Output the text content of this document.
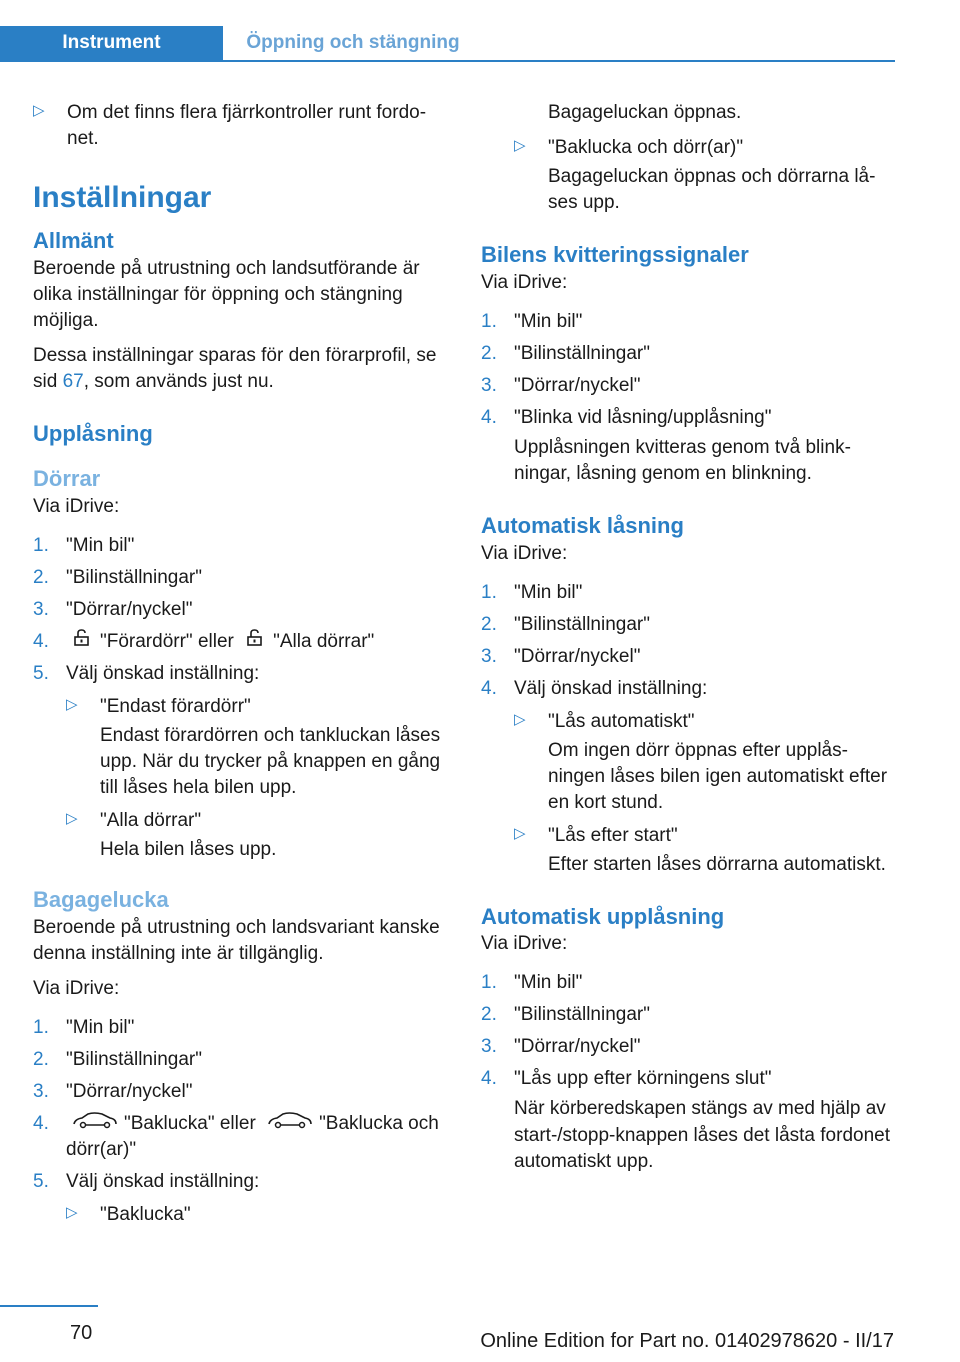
Instrument	Öppning och stängning
▷ Om det finns flera fjärrkontroller runt fordonet.
Inställningar
Allmänt

Beroende på utrustning och landsutförande är olika inställningar för öppning och stängning möjliga.

Dessa inställningar sparas för den förarprofil, se sid 67, som används just nu.

Upplåsning
Dörrar
Via iDrive:
1. "Min bil"
2. "Bilinställningar"
3. "Dörrar/nyckel"
4.	"Förardörr" eller "Alla dörrar"
5. Välj önskad inställning:
▷ "Endast förardörr"
Endast förardörren och tankluckan låses upp. När du trycker på knappen en gång till låses hela bilen upp.
▷ "Alla dörrar"
Hela bilen låses upp.
Bagagelucka

Beroende på utrustning och landsvariant kanske denna inställning inte är tillgänglig.

Via iDrive:
1. "Min bil"
2. "Bilinställningar"
3. "Dörrar/nyckel"
4.	"Baklucka" eller	"Baklucka och dörr(ar)"
5. Välj önskad inställning:
▷ "Baklucka"
Bagageluckan öppnas.
▷ "Baklucka och dörr(ar)"
Bagageluckan öppnas och dörrarna låses upp.
Bilens kvitteringssignaler
Via iDrive:
1. "Min bil"
2. "Bilinställningar"
3. "Dörrar/nyckel"
4. "Blinka vid låsning/upplåsning"
Upplåsningen kvitteras genom två blinkningar, låsning genom en blinkning.
Automatisk låsning
Via iDrive:
1. "Min bil"
2. "Bilinställningar"
3. "Dörrar/nyckel"
4. Välj önskad inställning:
▷ "Lås automatiskt"
Om ingen dörr öppnas efter upplåsningen låses bilen igen automatiskt efter en kort stund.
▷ "Lås efter start"
Efter starten låses dörrarna automatiskt.
Automatisk upplåsning
Via iDrive:
1. "Min bil"
2. "Bilinställningar"
3. "Dörrar/nyckel"
4. "Lås upp efter körningens slut"
När körberedskapen stängs av med hjälp av start-/stopp-knappen låses det låsta fordonet automatiskt upp.
70	Online Edition for Part no. 01402978620 - II/17
